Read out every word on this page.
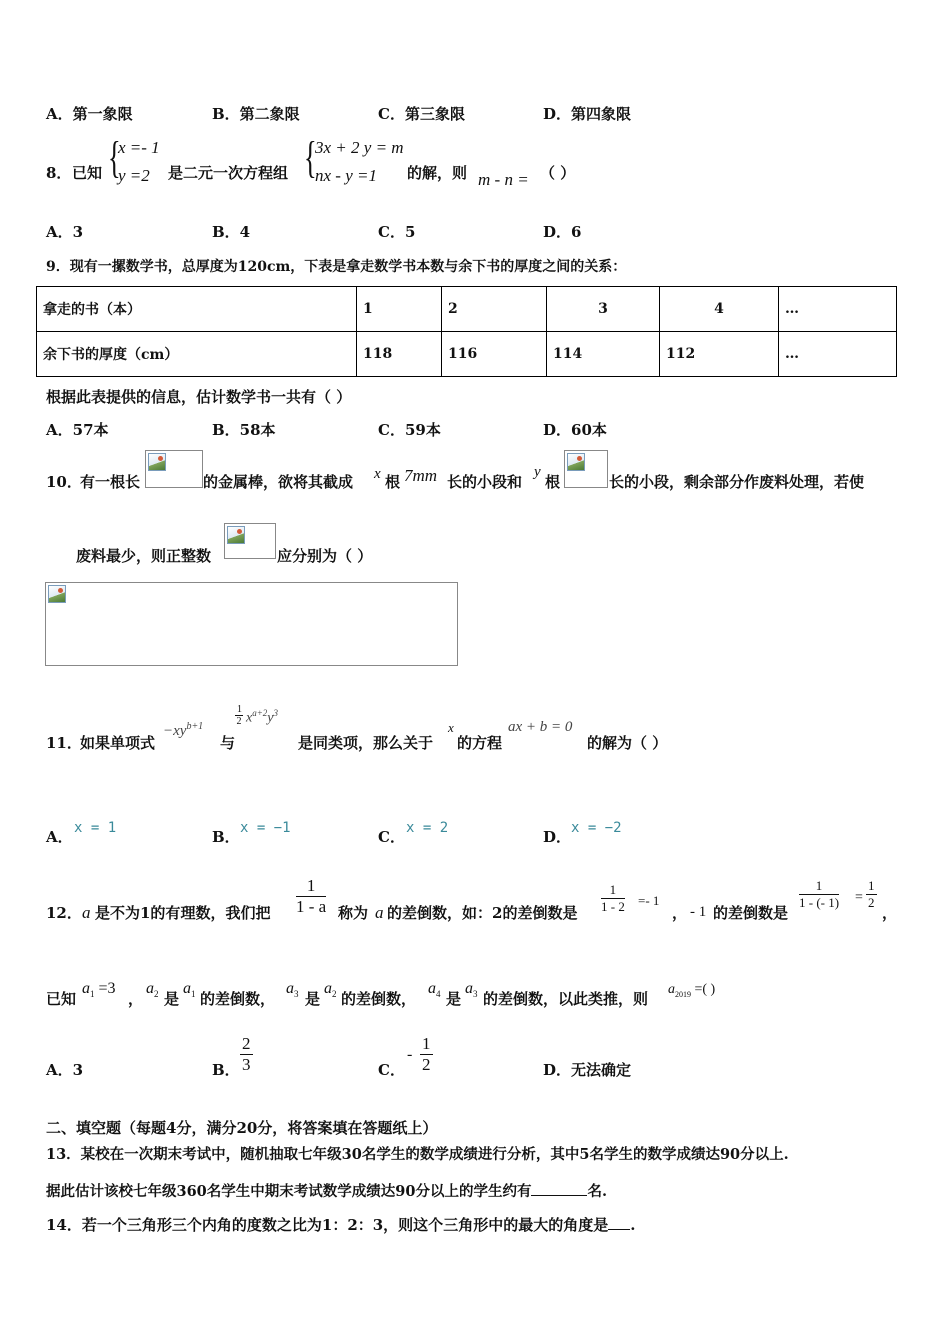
A．第一象限	B．第二象限	C．第三象限	D．第四象限
8． 已知 {
x =- 1
y =2 是二元一次方程组 {
3x + 2 y = m
nx - y =1 的解，则 m - n = （ ）
A．3	B．4	C．5	D．6
9．现有一摞数学书，总厚度为120cm，下表是拿走数学书本数与余下书的厚度之间的关系：
拿走的书（本）	1	2	3	4	…
余下书的厚度（cm）	118	116	114	112	…
根据此表提供的信息，估计数学书一共有（ ）
A．57本	B．58本	C．59本	D．60本
10．
有一根长	的金属棒，欲将其截成 x 根 7mm 长的小段和
y
根	长的小段，剩余部分作废料处理，若使
废料最少，则正整数	应分别为（ ）
11．
如果单项式
$-xy^{b+1}$
与
$\frac{1}{2} x^{a+2}y^3$
是同类项，那么关于
x
的方程
ax + b = 0
的解为（ ）
A． x = 1	B． x = −1	C． x = 2	D． x = −2
12． a 是不为1的有理数，我们把 $\frac{1}{1 - a}$ 称为 a 的差倒数，如：2的差倒数是 $\frac{1}{1 - 2} =- 1$
， - 1 的差倒数是
$\frac{1}{1 - (- 1)} = \frac{1}{2}$
，
已知
$a_1 =3$
，
$a_2$ 是
$a_1$ 的差倒数，
$a_3$ 是
$a_2$ 的差倒数，
$a_4$ 是
$a_3$ 的差倒数，以此类推，则
$a_{2019}$ =( )
A．3	B． $\frac{2}{3}$	C．
- $\frac{1}{2}$	D．无法确定
二、填空题（每题4分，满分20分，将答案填在答题纸上）
13．某校在一次期末考试中，随机抽取七年级30名学生的数学成绩进行分析，其中5名学生的数学成绩达90分以上.
据此估计该校七年级360名学生中期末考试数学成绩达90分以上的学生约有	名.
14．若一个三角形三个内角的度数之比为1：2：3，则这个三角形中的最大的角度是 .
